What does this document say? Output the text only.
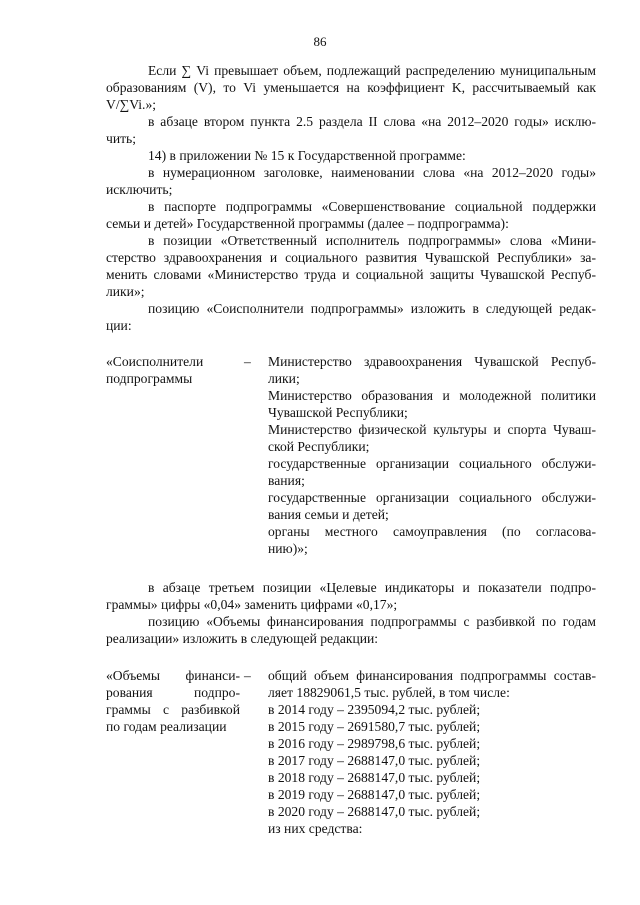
86
Если ∑ Vi превышает объем, подлежащий распределению муниципальным
образованиям (V), то Vi уменьшается на коэффициент K, рассчитываемый как
V/∑Vi.»;
в абзаце втором пункта 2.5 раздела II слова «на 2012–2020 годы» исклю-
чить;
14) в приложении № 15 к Государственной программе:
в нумерационном заголовке, наименовании слова «на 2012–2020 годы»
исключить;
в паспорте подпрограммы «Совершенствование социальной поддержки
семьи и детей» Государственной программы (далее – подпрограмма):
в позиции «Ответственный исполнитель подпрограммы» слова «Мини-
стерство здравоохранения и социального развития Чувашской Республики» за-
менить словами «Министерство труда и социальной защиты Чувашской Респуб-
лики»;
позицию «Соисполнители подпрограммы» изложить в следующей редак-
ции:
«Соисполнители
подпрограммы
–	Министерство здравоохранения Чувашской Респуб-
лики;
Министерство образования и молодежной политики
Чувашской Республики;
Министерство физической культуры и спорта Чуваш-
ской Республики;
государственные организации социального обслужи-
вания;
государственные организации социального обслужи-
вания семьи и детей;
органы местного самоуправления (по согласова-
нию)»;
в абзаце третьем позиции «Целевые индикаторы и показатели подпро-
граммы» цифры «0,04» заменить цифрами «0,17»;
позицию «Объемы финансирования подпрограммы с разбивкой по годам
реализации» изложить в следующей редакции:
«Объемы финанси-
рования подпро-
граммы с разбивкой
по годам реализации
–	общий объем финансирования подпрограммы состав-
ляет 18829061,5 тыс. рублей, в том числе:
в 2014 году – 2395094,2 тыс. рублей;
в 2015 году – 2691580,7 тыс. рублей;
в 2016 году – 2989798,6 тыс. рублей;
в 2017 году – 2688147,0 тыс. рублей;
в 2018 году – 2688147,0 тыс. рублей;
в 2019 году – 2688147,0 тыс. рублей;
в 2020 году – 2688147,0 тыс. рублей;
из них средства:
